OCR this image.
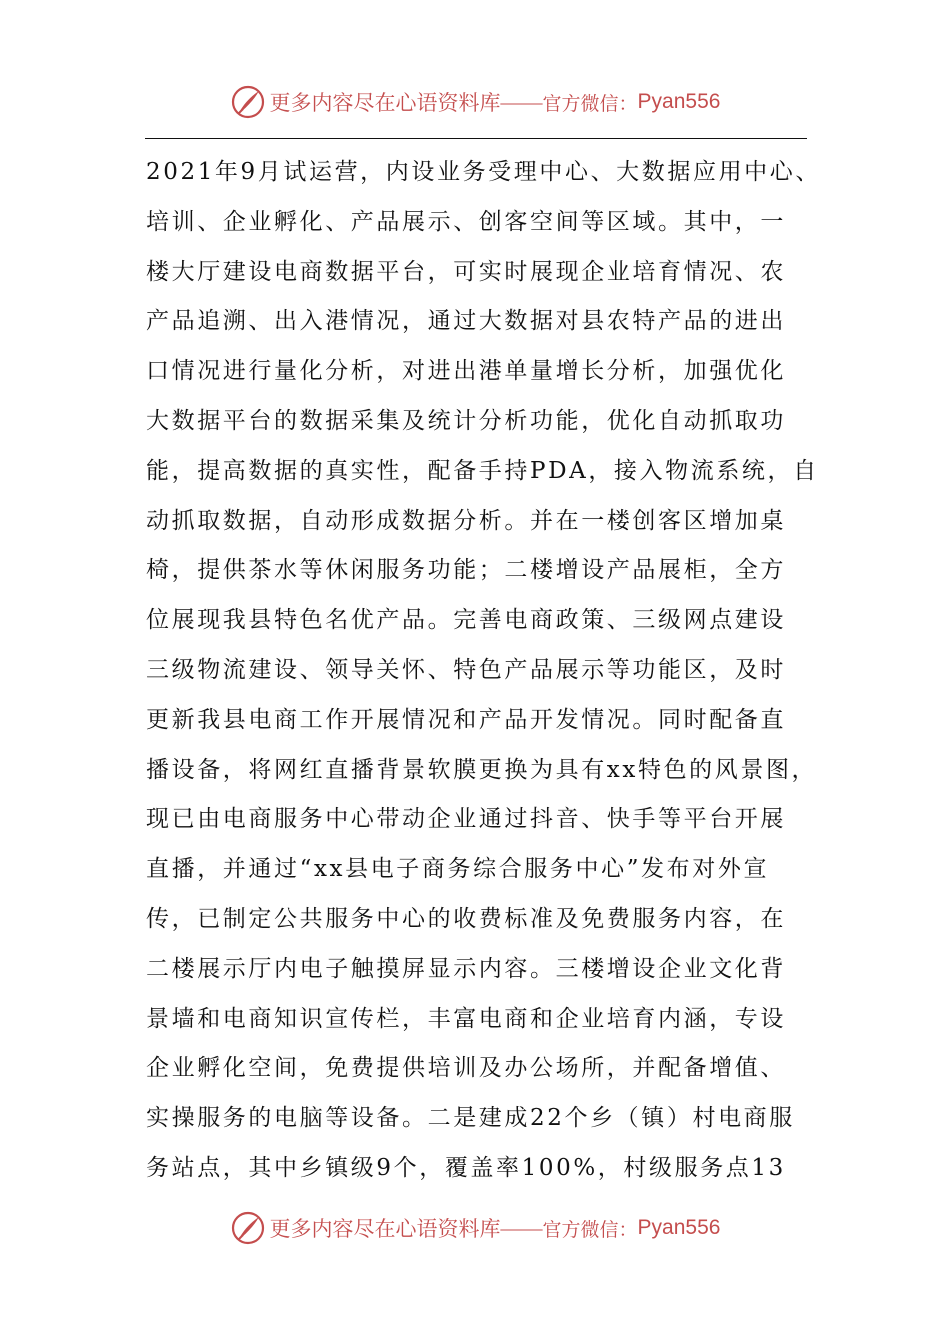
更多内容尽在心语资料库 —— 官方微信： Pyan556
2021年9月试运营，内设业务受理中心、大数据应用中心、
培训、企业孵化、产品展示、创客空间等区域。其中，一
楼大厅建设电商数据平台，可实时展现企业培育情况、农
产品追溯、出入港情况，通过大数据对县农特产品的进出
口情况进行量化分析，对进出港单量增长分析，加强优化
大数据平台的数据采集及统计分析功能，优化自动抓取功
能，提高数据的真实性，配备手持PDA，接入物流系统，自
动抓取数据，自动形成数据分析。并在一楼创客区增加桌
椅，提供茶水等休闲服务功能；二楼增设产品展柜，全方
位展现我县特色名优产品。完善电商政策、三级网点建设
三级物流建设、领导关怀、特色产品展示等功能区，及时
更新我县电商工作开展情况和产品开发情况。同时配备直
播设备，将网红直播背景软膜更换为具有xx特色的风景图，
现已由电商服务中心带动企业通过抖音、快手等平台开展
直播，并通过“xx县电子商务综合服务中心”发布对外宣
传，已制定公共服务中心的收费标准及免费服务内容，在
二楼展示厅内电子触摸屏显示内容。三楼增设企业文化背
景墙和电商知识宣传栏，丰富电商和企业培育内涵，专设
企业孵化空间，免费提供培训及办公场所，并配备增值、
实操服务的电脑等设备。二是建成22个乡（镇）村电商服
务站点，其中乡镇级9个，覆盖率100%，村级服务点13
更多内容尽在心语资料库 —— 官方微信： Pyan556
